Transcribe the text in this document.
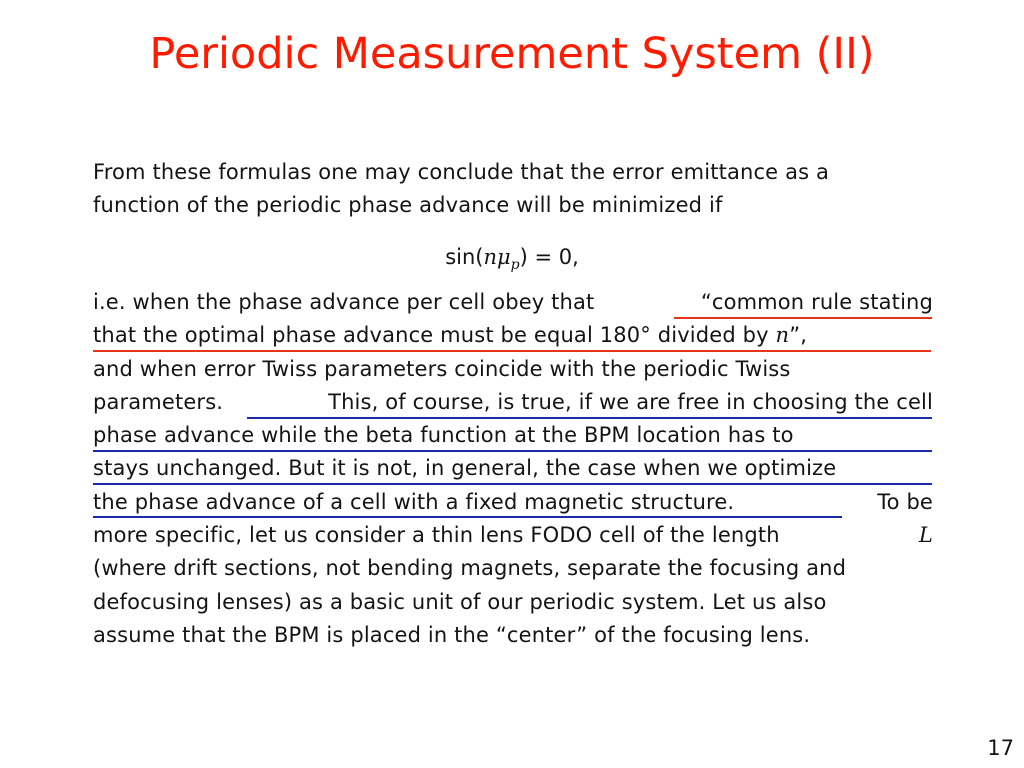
Periodic Measurement System (II)
From these formulas one may conclude that the error emittance as a
function of the periodic phase advance will be minimized if
$\sin(n\mu_p) = 0$,
i.e. when the phase advance per cell obey that	“common rule stating
that the optimal phase advance must be equal 180° divided by n”,
and when error Twiss parameters coincide with the periodic Twiss
parameters.	This, of course, is true, if we are free in choosing the cell
phase advance while the beta function at the BPM location has to
stays unchanged. But it is not, in general, the case when we optimize
the phase advance of a cell with a fixed magnetic structure.	To be
more specific, let us consider a thin lens FODO cell of the length	L
(where drift sections, not bending magnets, separate the focusing and
defocusing lenses) as a basic unit of our periodic system. Let us also
assume that the BPM is placed in the “center” of the focusing lens.
17
